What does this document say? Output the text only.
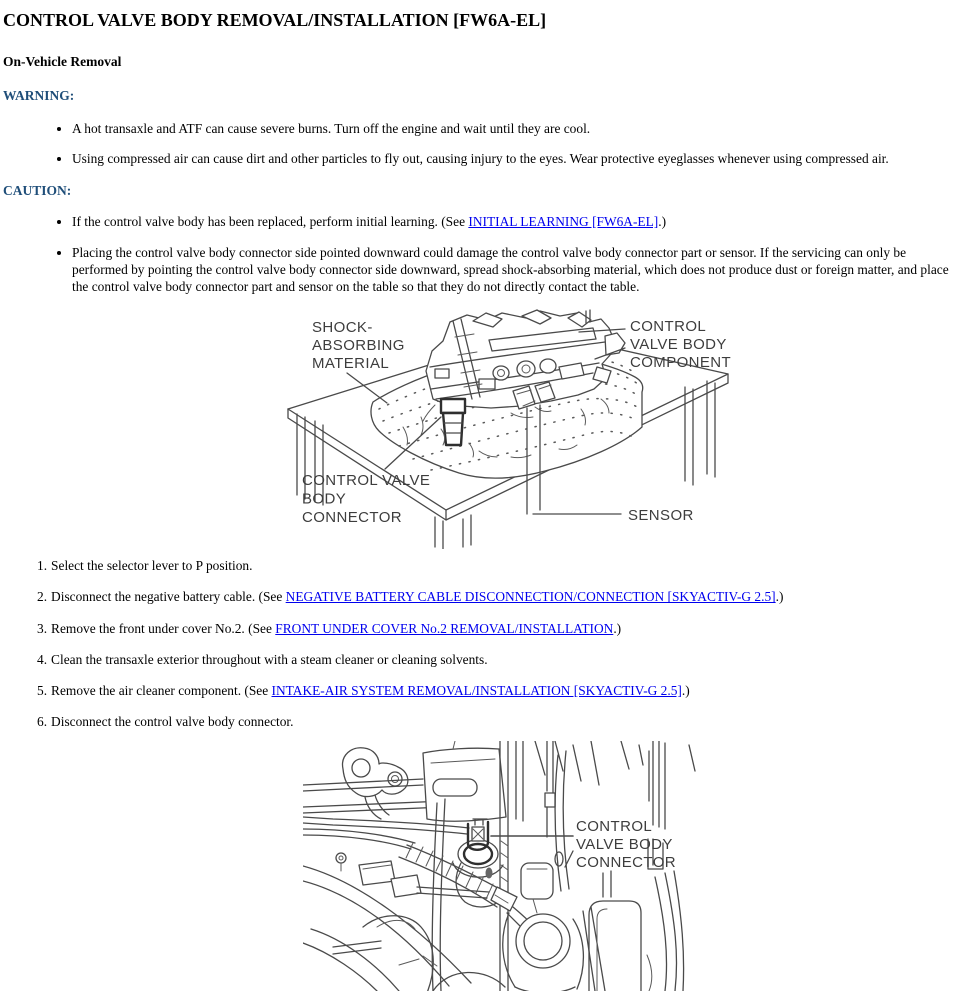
CONTROL VALVE BODY REMOVAL/INSTALLATION [FW6A-EL]
On-Vehicle Removal
WARNING:
• A hot transaxle and ATF can cause severe burns. Turn off the engine and wait until they are cool.
• Using compressed air can cause dirt and other particles to fly out, causing injury to the eyes. Wear protective eyeglasses whenever using compressed air.
CAUTION:
• If the control valve body has been replaced, perform initial learning. (See INITIAL LEARNING [FW6A-EL].)
• Placing the control valve body connector side pointed downward could damage the control valve body connector part or sensor. If the servicing can only be performed by pointing the control valve body connector side downward, spread shock-absorbing material, which does not produce dust or foreign matter, and place the control valve body connector part and sensor on the table so that they do not directly contact the table.
SHOCK- ABSORBING MATERIAL
CONTROL VALVE BODY COMPONENT
CONTROL VALVE BODY CONNECTOR	SENSOR
1. Select the selector lever to P position.
2. Disconnect the negative battery cable. (See NEGATIVE BATTERY CABLE DISCONNECTION/CONNECTION [SKYACTIV-G 2.5].)
3. Remove the front under cover No.2. (See FRONT UNDER COVER No.2 REMOVAL/INSTALLATION.)
4. Clean the transaxle exterior throughout with a steam cleaner or cleaning solvents.
5. Remove the air cleaner component. (See INTAKE-AIR SYSTEM REMOVAL/INSTALLATION [SKYACTIV-G 2.5].)
6. Disconnect the control valve body connector.
CONTROL VALVE BODY CONNECTOR
